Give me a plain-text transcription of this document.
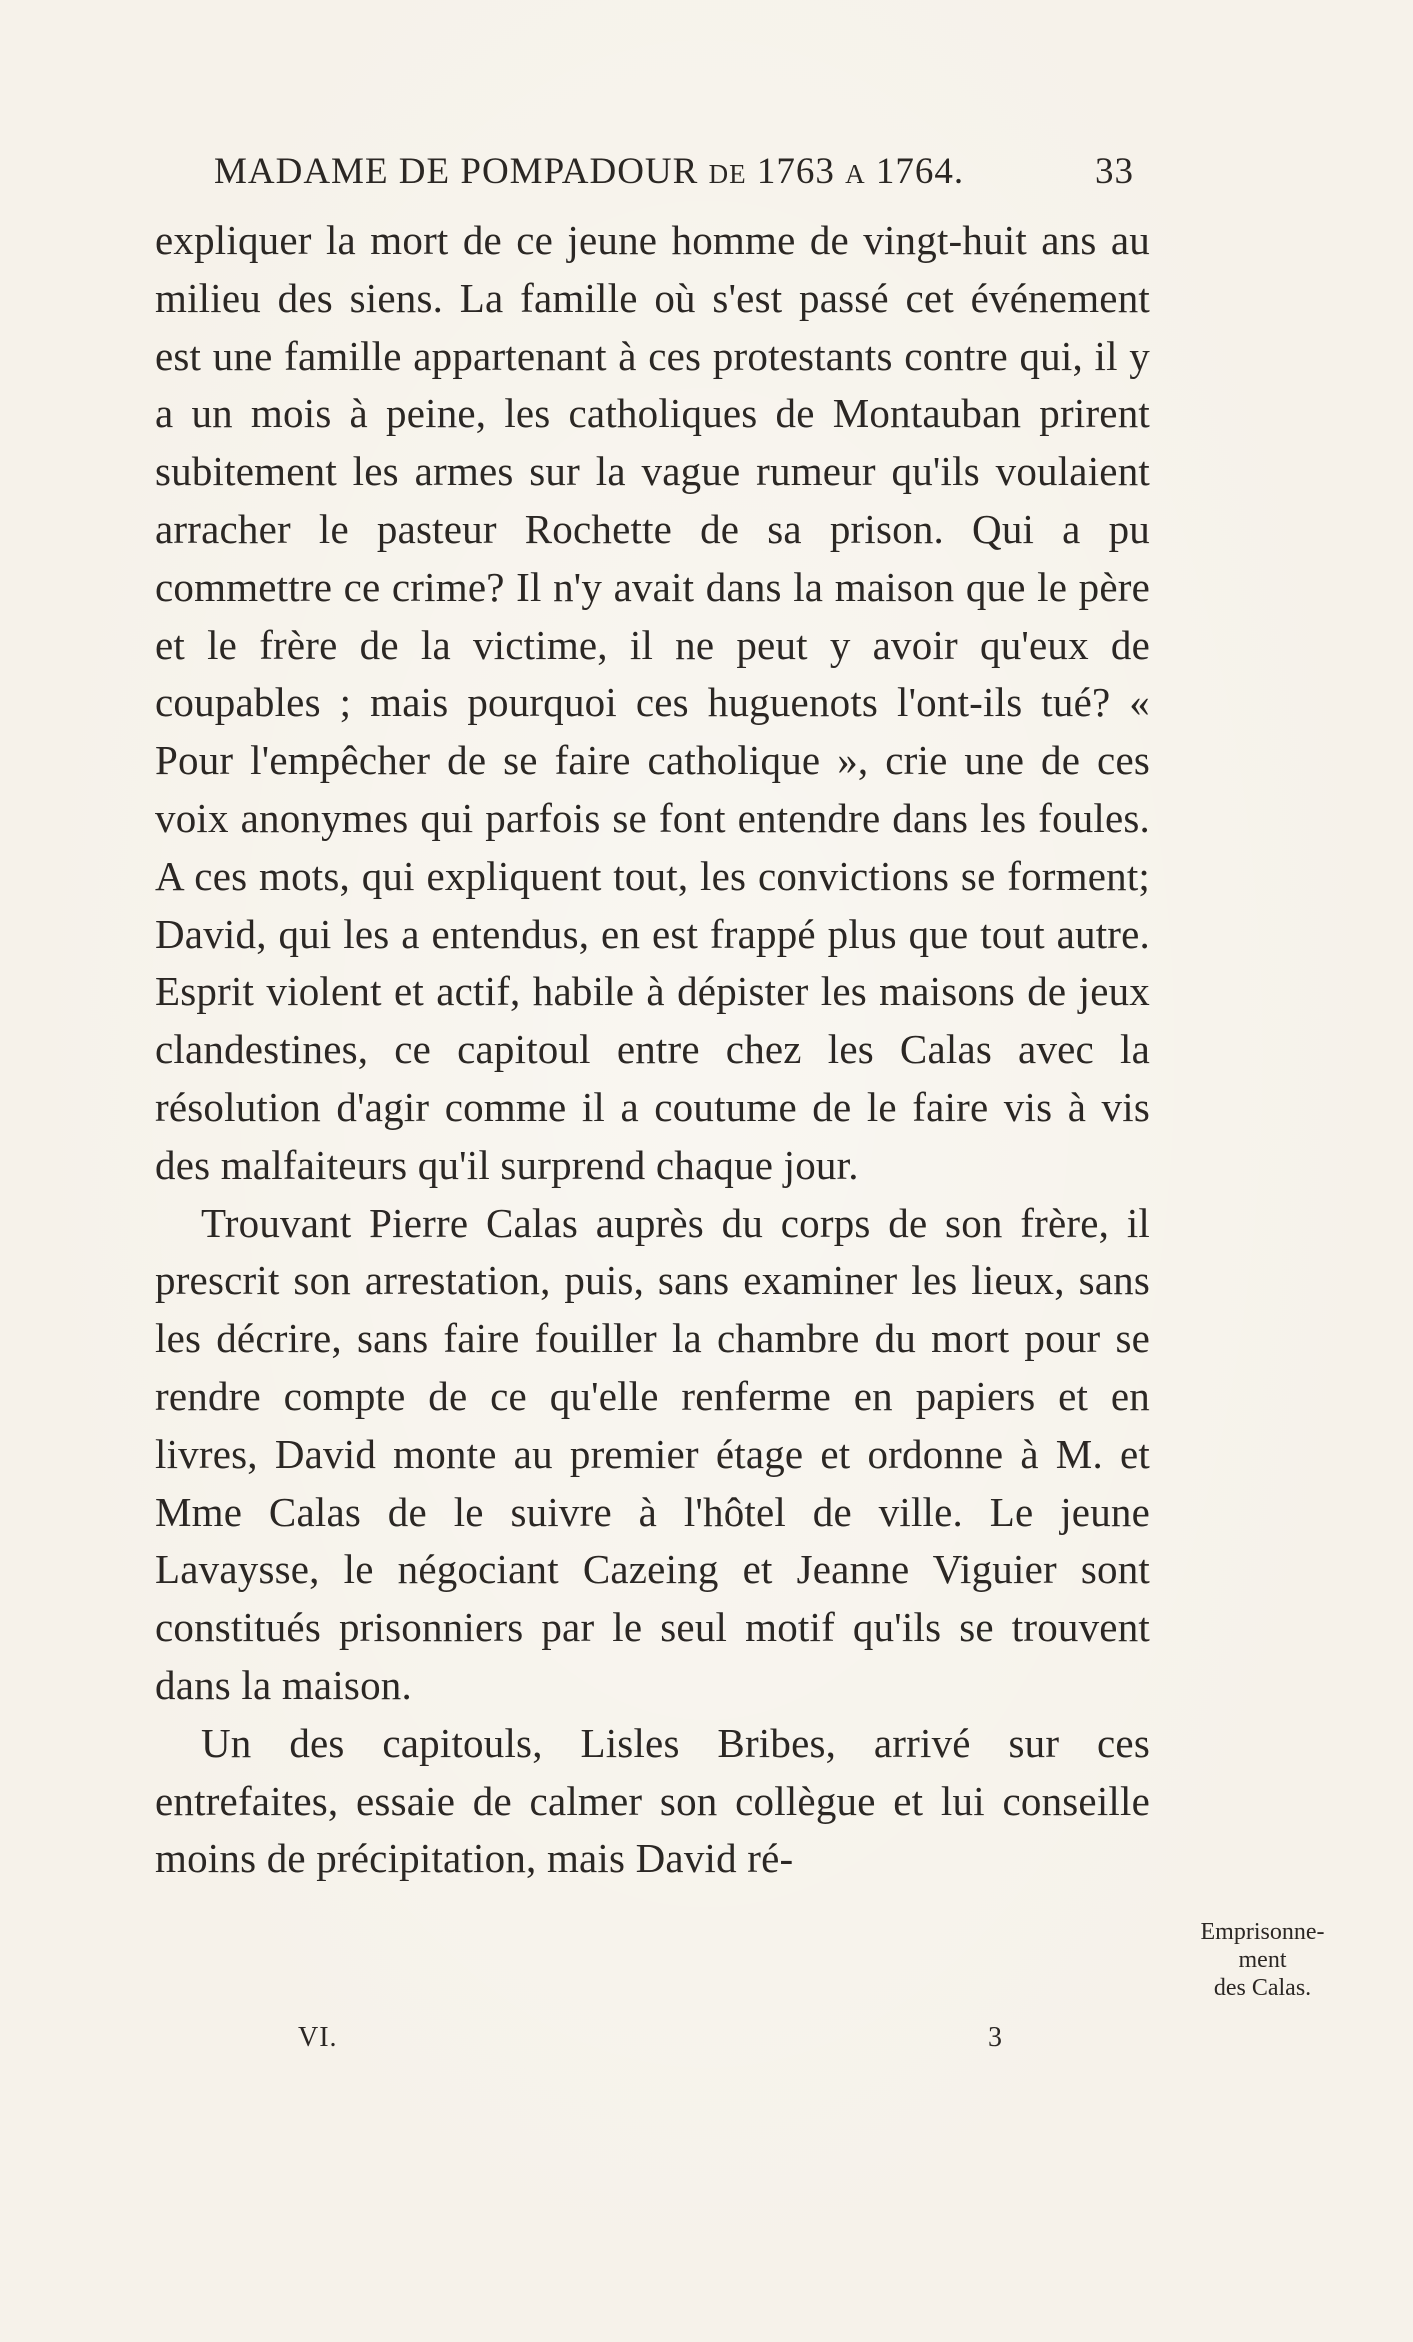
MADAME DE POMPADOUR DE 1763 A 1764.	33

expliquer la mort de ce jeune homme de vingt-huit ans au milieu des siens. La famille où s'est passé cet événement est une famille appartenant à ces protestants contre qui, il y a un mois à peine, les catholiques de Montauban prirent subitement les armes sur la vague rumeur qu'ils voulaient arracher le pasteur Rochette de sa prison. Qui a pu commettre ce crime? Il n'y avait dans la maison que le père et le frère de la victime, il ne peut y avoir qu'eux de coupables ; mais pourquoi ces huguenots l'ont-ils tué? « Pour l'empêcher de se faire catholique », crie une de ces voix anonymes qui parfois se font entendre dans les foules. A ces mots, qui expliquent tout, les convictions se forment; David, qui les a entendus, en est frappé plus que tout autre. Esprit violent et actif, habile à dépister les maisons de jeux clandestines, ce capitoul entre chez les Calas avec la résolution d'agir comme il a coutume de le faire vis à vis des malfaiteurs qu'il surprend chaque jour.

Trouvant Pierre Calas auprès du corps de son frère, il prescrit son arrestation, puis, sans examiner les lieux, sans les décrire, sans faire fouiller la chambre du mort pour se rendre compte de ce qu'elle renferme en papiers et en livres, David monte au premier étage et ordonne à M. et Mme Calas de le suivre à l'hôtel de ville. Le jeune Lavaysse, le négociant Cazeing et Jeanne Viguier sont constitués prisonniers par le seul motif qu'ils se trouvent dans la maison.

Un des capitouls, Lisles Bribes, arrivé sur ces entrefaites, essaie de calmer son collègue et lui conseille moins de précipitation, mais David ré-

Emprisonne-
ment
des Calas.
VI.	3
